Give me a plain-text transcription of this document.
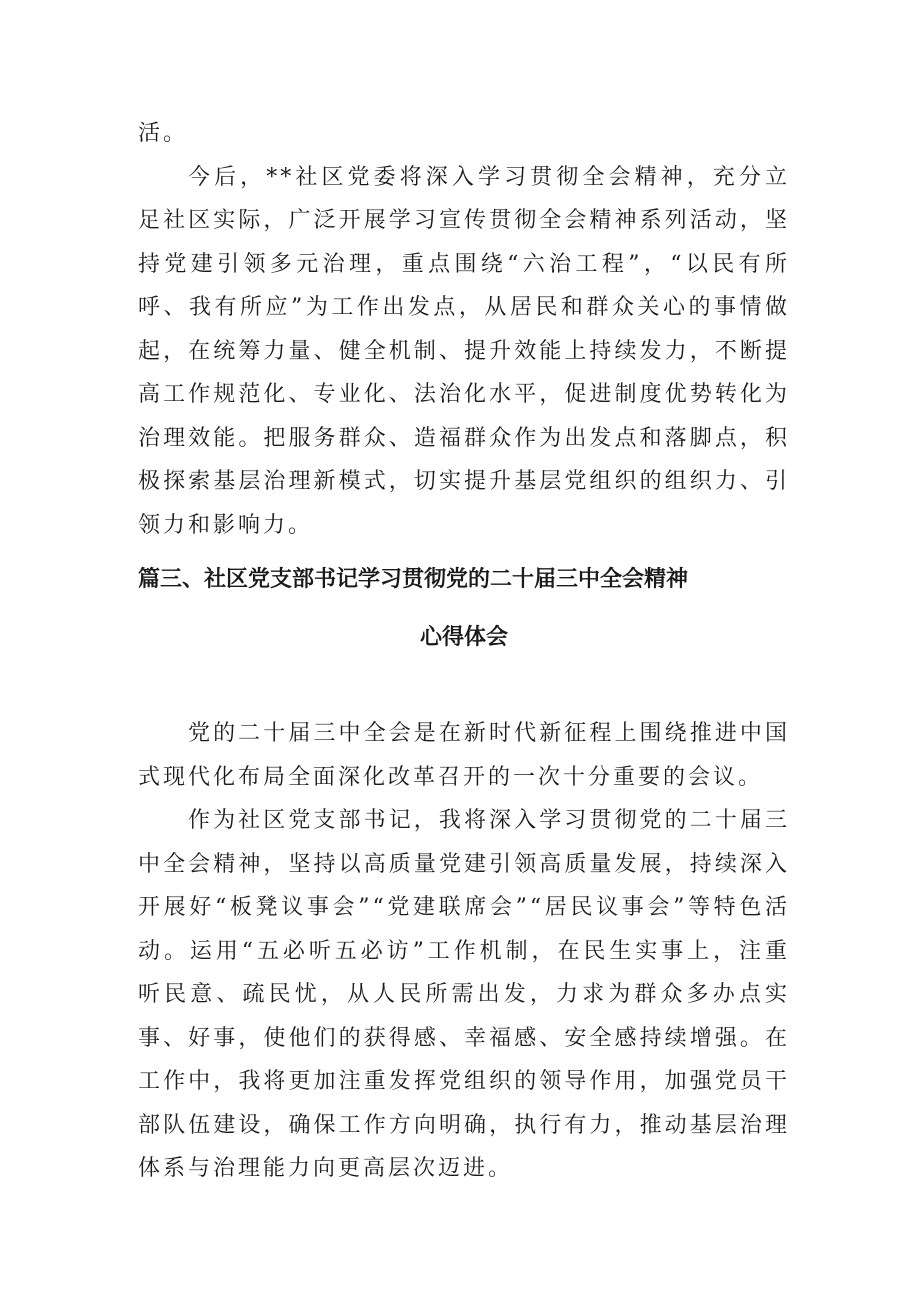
活。

今后，**社区党委将深入学习贯彻全会精神，充分立足社区实际，广泛开展学习宣传贯彻全会精神系列活动，坚持党建引领多元治理，重点围绕“六治工程”，“以民有所呼、我有所应”为工作出发点，从居民和群众关心的事情做起，在统筹力量、健全机制、提升效能上持续发力，不断提高工作规范化、专业化、法治化水平，促进制度优势转化为治理效能。把服务群众、造福群众作为出发点和落脚点，积极探索基层治理新模式，切实提升基层党组织的组织力、引领力和影响力。

篇三、社区党支部书记学习贯彻党的二十届三中全会精神
心得体会

党的二十届三中全会是在新时代新征程上围绕推进中国式现代化布局全面深化改革召开的一次十分重要的会议。

作为社区党支部书记，我将深入学习贯彻党的二十届三中全会精神，坚持以高质量党建引领高质量发展，持续深入开展好“板凳议事会”“党建联席会”“居民议事会”等特色活动。运用“五必听五必访”工作机制，在民生实事上，注重听民意、疏民忧，从人民所需出发，力求为群众多办点实事、好事，使他们的获得感、幸福感、安全感持续增强。在工作中，我将更加注重发挥党组织的领导作用，加强党员干部队伍建设，确保工作方向明确，执行有力，推动基层治理体系与治理能力向更高层次迈进。
